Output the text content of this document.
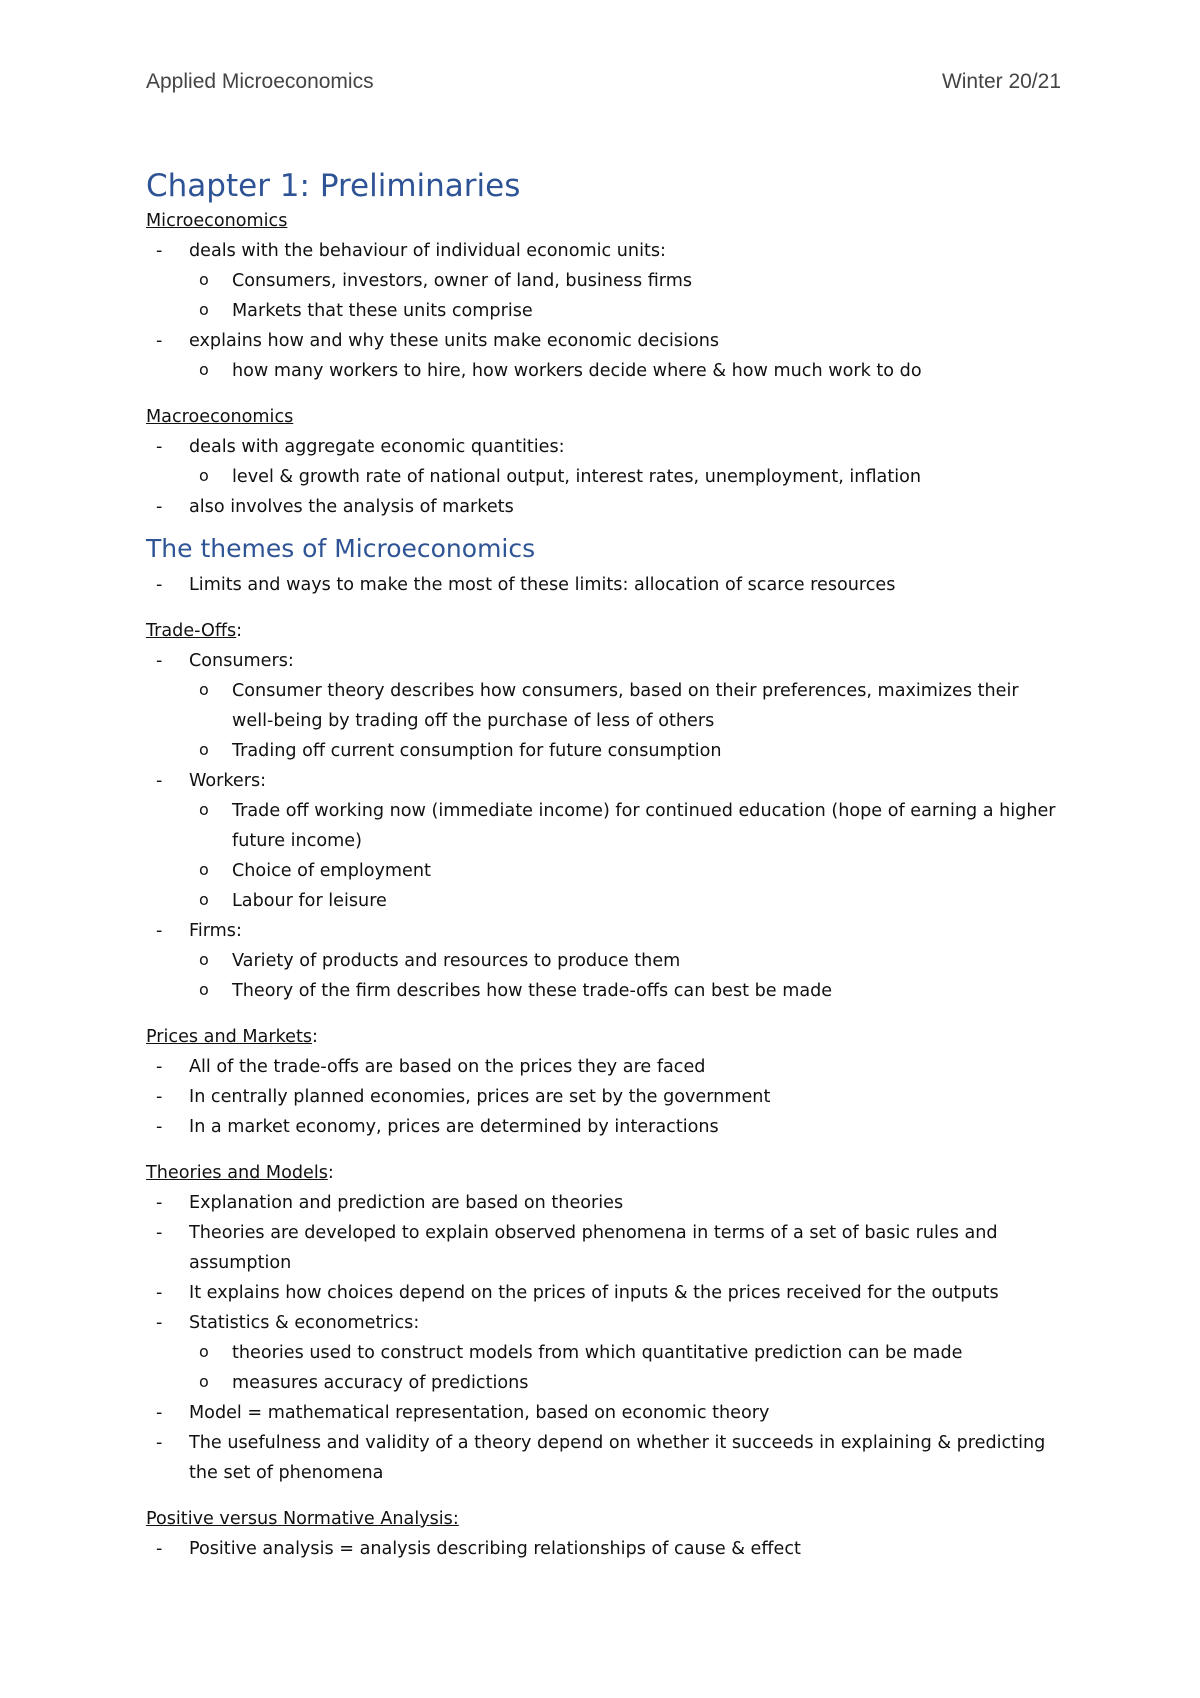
Applied Microeconomics	Winter 20/21
Chapter 1: Preliminaries

Microeconomics

- deals with the behaviour of individual economic units:
o Consumers, investors, owner of land, business firms
o Markets that these units comprise
- explains how and why these units make economic decisions
o how many workers to hire, how workers decide where & how much work to do

Macroeconomics

- deals with aggregate economic quantities:
o level & growth rate of national output, interest rates, unemployment, inflation
- also involves the analysis of markets
The themes of Microeconomics
- Limits and ways to make the most of these limits: allocation of scarce resources

Trade-Offs:

- Consumers:
o Consumer theory describes how consumers, based on their preferences, maximizes their well-being by trading off the purchase of less of others
o Trading off current consumption for future consumption
- Workers:
o Trade off working now (immediate income) for continued education (hope of earning a higher future income)
o Choice of employment
o Labour for leisure
- Firms:
o Variety of products and resources to produce them
o Theory of the firm describes how these trade-offs can best be made

Prices and Markets:

- All of the trade-offs are based on the prices they are faced
- In centrally planned economies, prices are set by the government
- In a market economy, prices are determined by interactions

Theories and Models:

- Explanation and prediction are based on theories
- Theories are developed to explain observed phenomena in terms of a set of basic rules and assumption
- It explains how choices depend on the prices of inputs & the prices received for the outputs
- Statistics & econometrics:
o theories used to construct models from which quantitative prediction can be made
o measures accuracy of predictions
- Model = mathematical representation, based on economic theory
- The usefulness and validity of a theory depend on whether it succeeds in explaining & predicting the set of phenomena

Positive versus Normative Analysis:

- Positive analysis = analysis describing relationships of cause & effect
